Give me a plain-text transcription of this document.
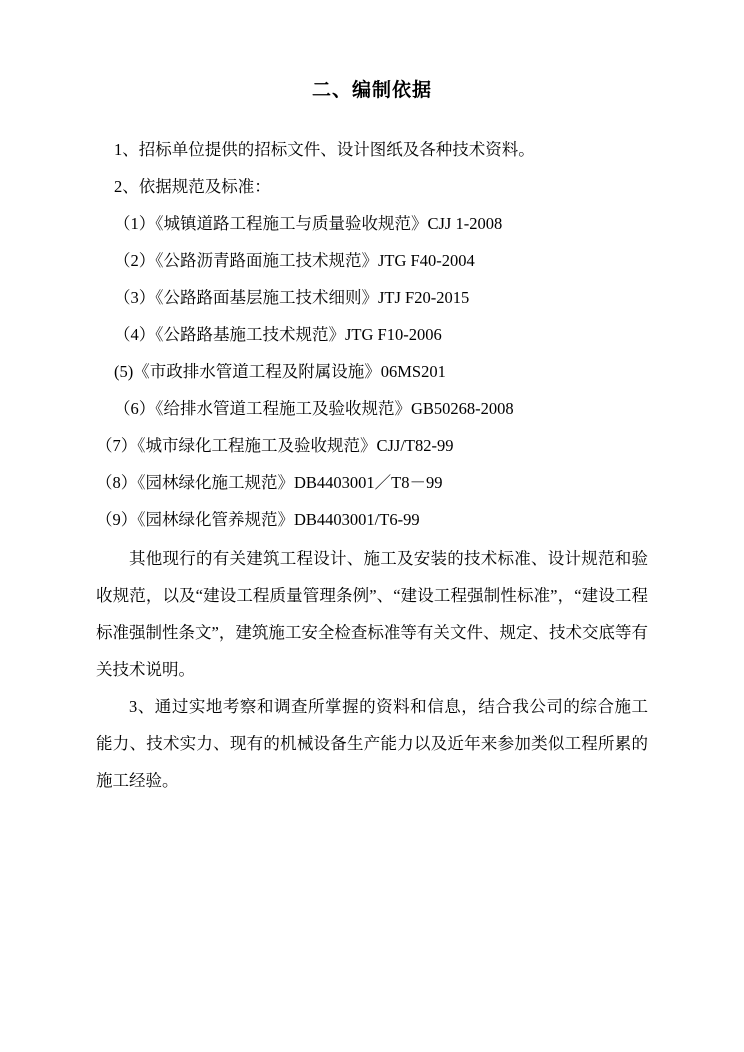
二、编制依据

1、招标单位提供的招标文件、设计图纸及各种技术资料。

2、依据规范及标准：

（1）《城镇道路工程施工与质量验收规范》CJJ 1-2008

（2）《公路沥青路面施工技术规范》JTG F40-2004

（3）《公路路面基层施工技术细则》JTJ F20-2015

（4）《公路路基施工技术规范》JTG F10-2006

(5)《市政排水管道工程及附属设施》06MS201

（6）《给排水管道工程施工及验收规范》GB50268-2008

（7）《城市绿化工程施工及验收规范》CJJ/T82-99

（8）《园林绿化施工规范》DB4403001／T8－99

（9）《园林绿化管养规范》DB4403001/T6-99

其他现行的有关建筑工程设计、施工及安装的技术标准、设计规范和验收规范，以及“建设工程质量管理条例”、“建设工程强制性标准”，“建设工程标准强制性条文”，建筑施工安全检查标准等有关文件、规定、技术交底等有关技术说明。

3、通过实地考察和调查所掌握的资料和信息，结合我公司的综合施工能力、技术实力、现有的机械设备生产能力以及近年来参加类似工程所累的施工经验。
